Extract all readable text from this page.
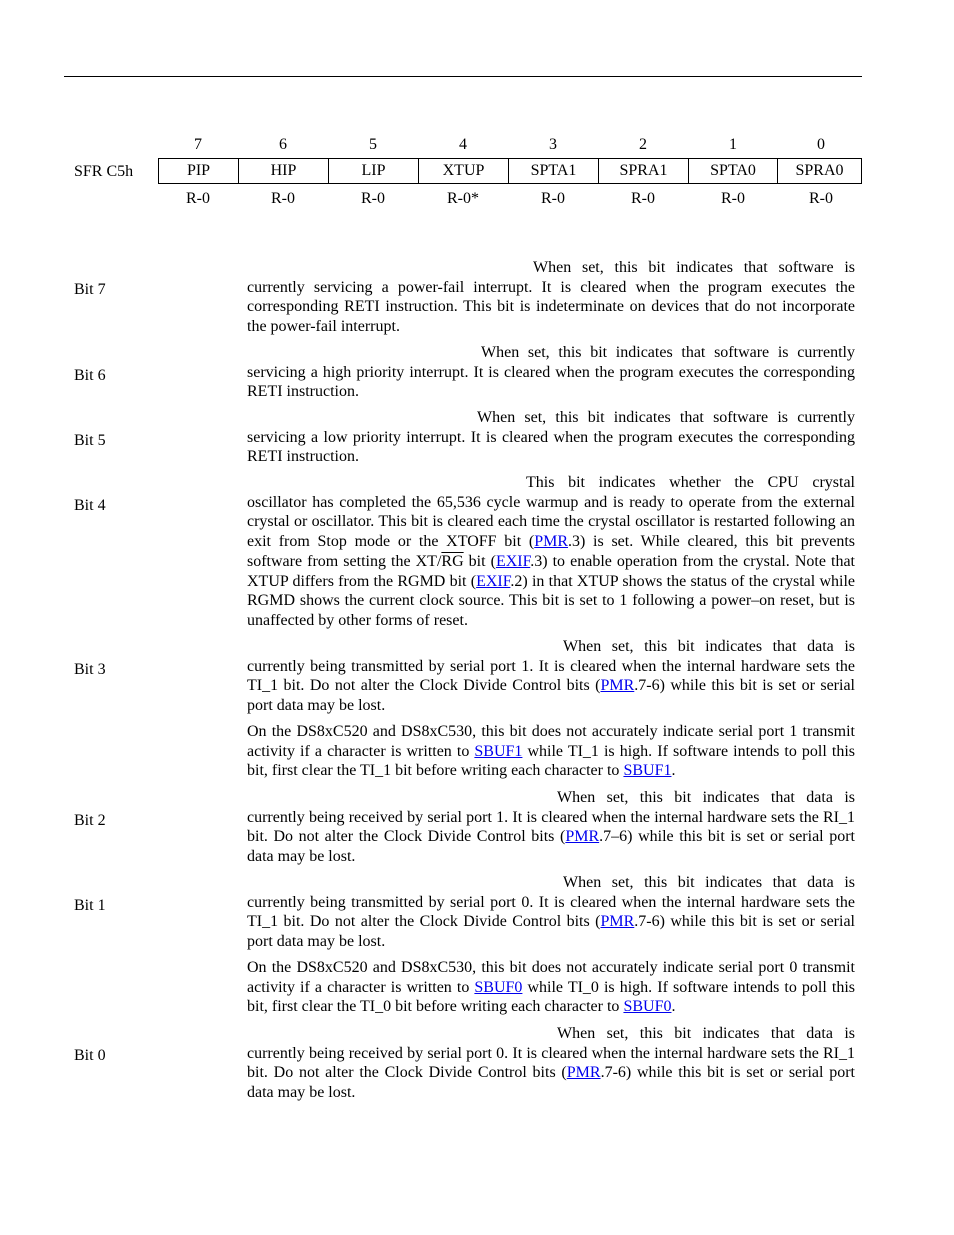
SFR C5h
7	6	5	4	3	2	1	0
PIP	HIP	LIP	XTUP	SPTA1	SPRA1	SPTA0	SPRA0
R-0	R-0	R-0	R-0*	R-0	R-0	R-0	R-0
Bit 7

When set, this bit indicates that software is currently servicing a power-fail interrupt. It is cleared when the program executes the corresponding RETI instruction. This bit is indeterminate on devices that do not incorporate the power-fail interrupt.

Bit 6

When set, this bit indicates that software is currently servicing a high priority interrupt. It is cleared when the program executes the corresponding RETI instruction.

Bit 5

When set, this bit indicates that software is currently servicing a low priority interrupt. It is cleared when the program executes the corresponding RETI instruction.

Bit 4

This bit indicates whether the CPU crystal oscillator has completed the 65,536 cycle warmup and is ready to operate from the external crystal or oscillator. This bit is cleared each time the crystal oscillator is restarted following an exit from Stop mode or the XTOFF bit (PMR.3) is set. While cleared, this bit prevents software from setting the $XT/\overline{RG}$ bit (EXIF.3) to enable operation from the crystal. Note that XTUP differs from the RGMD bit (EXIF.2) in that XTUP shows the status of the crystal while RGMD shows the current clock source. This bit is set to 1 following a power–on reset, but is unaffected by other forms of reset.

Bit 3

When set, this bit indicates that data is currently being transmitted by serial port 1. It is cleared when the internal hardware sets the TI_1 bit. Do not alter the Clock Divide Control bits (PMR.7-6) while this bit is set or serial port data may be lost.

On the DS8xC520 and DS8xC530, this bit does not accurately indicate serial port 1 transmit activity if a character is written to SBUF1 while TI_1 is high. If software intends to poll this bit, first clear the TI_1 bit before writing each character to SBUF1.

Bit 2

When set, this bit indicates that data is currently being received by serial port 1. It is cleared when the internal hardware sets the RI_1 bit. Do not alter the Clock Divide Control bits (PMR.7–6) while this bit is set or serial port data may be lost.

Bit 1

When set, this bit indicates that data is currently being transmitted by serial port 0. It is cleared when the internal hardware sets the TI_1 bit. Do not alter the Clock Divide Control bits (PMR.7-6) while this bit is set or serial port data may be lost.

On the DS8xC520 and DS8xC530, this bit does not accurately indicate serial port 0 transmit activity if a character is written to SBUF0 while TI_0 is high. If software intends to poll this bit, first clear the TI_0 bit before writing each character to SBUF0.

Bit 0

When set, this bit indicates that data is currently being received by serial port 0. It is cleared when the internal hardware sets the RI_1 bit. Do not alter the Clock Divide Control bits (PMR.7-6) while this bit is set or serial port data may be lost.
